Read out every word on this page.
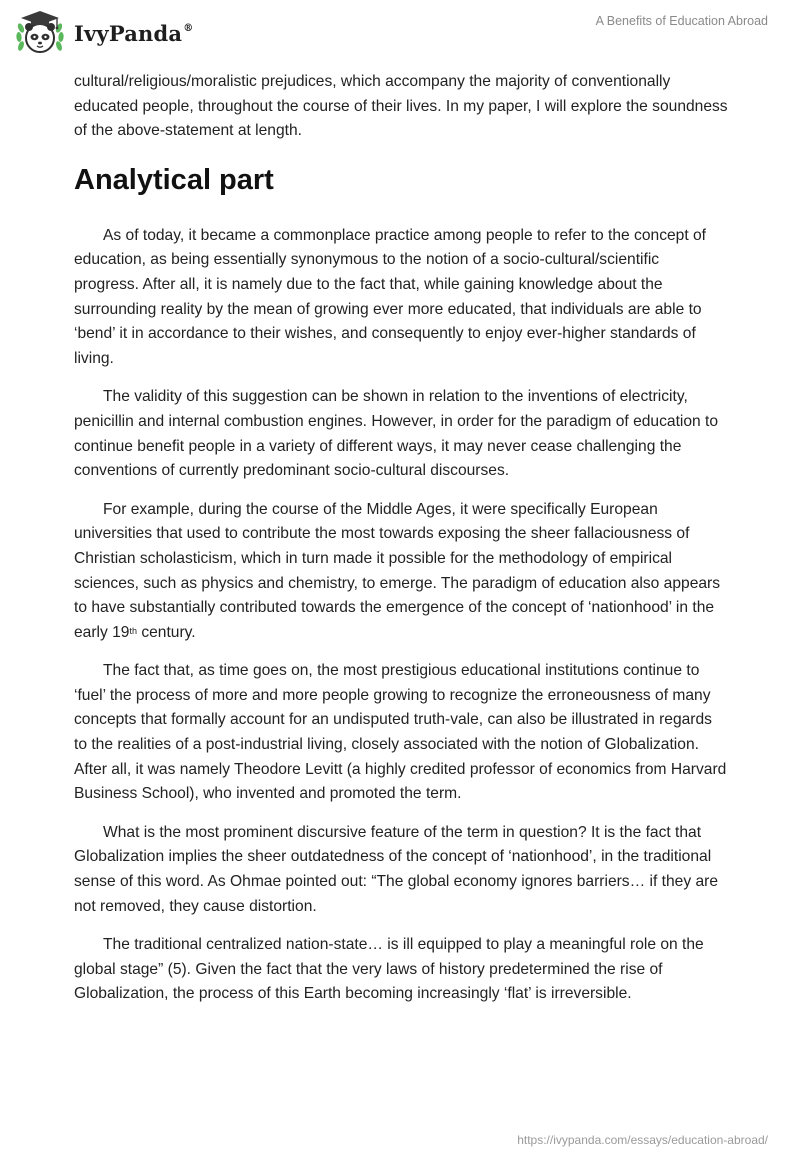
IvyPanda®	A Benefits of Education Abroad

cultural/religious/moralistic prejudices, which accompany the majority of conventionally educated people, throughout the course of their lives. In my paper, I will explore the soundness of the above-statement at length.

Analytical part

As of today, it became a commonplace practice among people to refer to the concept of education, as being essentially synonymous to the notion of a socio-cultural/scientific progress. After all, it is namely due to the fact that, while gaining knowledge about the surrounding reality by the mean of growing ever more educated, that individuals are able to ‘bend’ it in accordance to their wishes, and consequently to enjoy ever-higher standards of living.

The validity of this suggestion can be shown in relation to the inventions of electricity, penicillin and internal combustion engines. However, in order for the paradigm of education to continue benefit people in a variety of different ways, it may never cease challenging the conventions of currently predominant socio-cultural discourses.

For example, during the course of the Middle Ages, it were specifically European universities that used to contribute the most towards exposing the sheer fallaciousness of Christian scholasticism, which in turn made it possible for the methodology of empirical sciences, such as physics and chemistry, to emerge. The paradigm of education also appears to have substantially contributed towards the emergence of the concept of ‘nationhood’ in the early 19th century.

The fact that, as time goes on, the most prestigious educational institutions continue to ‘fuel’ the process of more and more people growing to recognize the erroneousness of many concepts that formally account for an undisputed truth-vale, can also be illustrated in regards to the realities of a post-industrial living, closely associated with the notion of Globalization. After all, it was namely Theodore Levitt (a highly credited professor of economics from Harvard Business School), who invented and promoted the term.

What is the most prominent discursive feature of the term in question? It is the fact that Globalization implies the sheer outdatedness of the concept of ‘nationhood’, in the traditional sense of this word. As Ohmae pointed out: “The global economy ignores barriers… if they are not removed, they cause distortion.

The traditional centralized nation-state… is ill equipped to play a meaningful role on the global stage” (5). Given the fact that the very laws of history predetermined the rise of Globalization, the process of this Earth becoming increasingly ‘flat’ is irreversible.

https://ivypanda.com/essays/education-abroad/
